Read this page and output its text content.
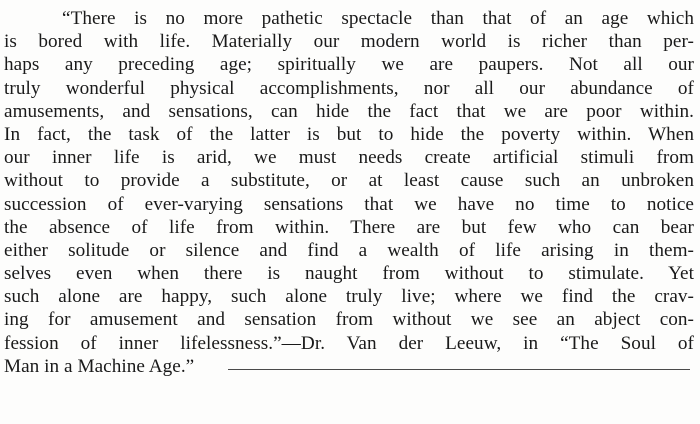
“There is no more pathetic spectacle than that of an age which
is bored with life. Materially our modern world is richer than per-
haps any preceding age; spiritually we are paupers. Not all our
truly wonderful physical accomplishments, nor all our abundance of
amusements, and sensations, can hide the fact that we are poor within.
In fact, the task of the latter is but to hide the poverty within. When
our inner life is arid, we must needs create artificial stimuli from
without to provide a substitute, or at least cause such an unbroken
succession of ever-varying sensations that we have no time to notice
the absence of life from within. There are but few who can bear
either solitude or silence and find a wealth of life arising in them-
selves even when there is naught from without to stimulate. Yet
such alone are happy, such alone truly live; where we find the crav-
ing for amusement and sensation from without we see an abject con-
fession of inner lifelessness.”—Dr. Van der Leeuw, in “The Soul of
Man in a Machine Age.”
